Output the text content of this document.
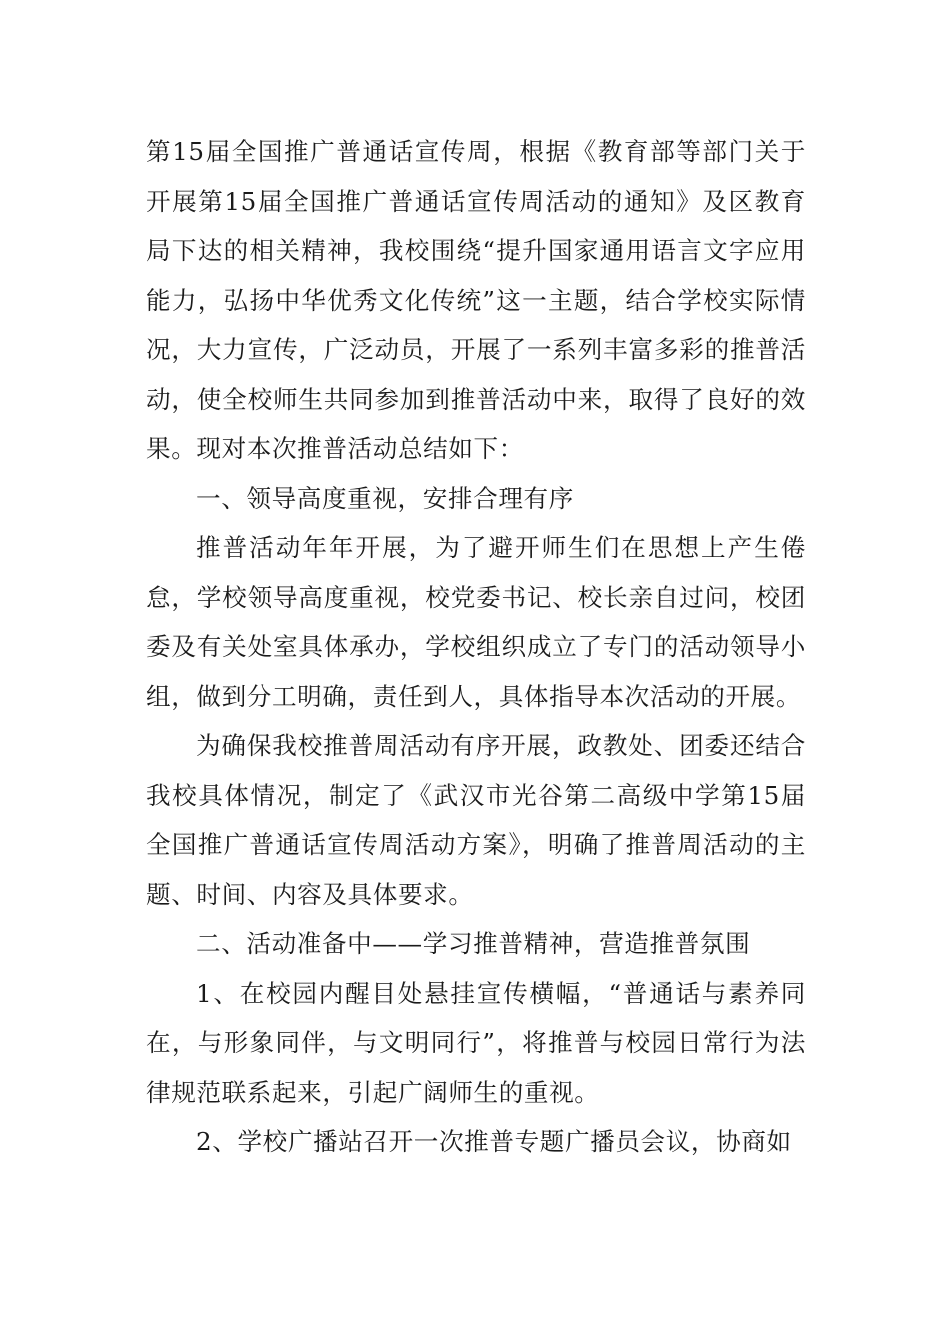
第15届全国推广普通话宣传周，根据《教育部等部门关于开展第15届全国推广普通话宣传周活动的通知》及区教育局下达的相关精神，我校围绕“提升国家通用语言文字应用能力，弘扬中华优秀文化传统”这一主题，结合学校实际情况，大力宣传，广泛动员，开展了一系列丰富多彩的推普活动，使全校师生共同参加到推普活动中来，取得了良好的效果。现对本次推普活动总结如下：

一、领导高度重视，安排合理有序

推普活动年年开展，为了避开师生们在思想上产生倦怠，学校领导高度重视，校党委书记、校长亲自过问，校团委及有关处室具体承办，学校组织成立了专门的活动领导小组，做到分工明确，责任到人，具体指导本次活动的开展。

为确保我校推普周活动有序开展，政教处、团委还结合我校具体情况，制定了《武汉市光谷第二高级中学第15届全国推广普通话宣传周活动方案》，明确了推普周活动的主题、时间、内容及具体要求。

二、活动准备中——学习推普精神，营造推普氛围

1、在校园内醒目处悬挂宣传横幅，“普通话与素养同在，与形象同伴，与文明同行”，将推普与校园日常行为法律规范联系起来，引起广阔师生的重视。

2、学校广播站召开一次推普专题广播员会议，协商如
